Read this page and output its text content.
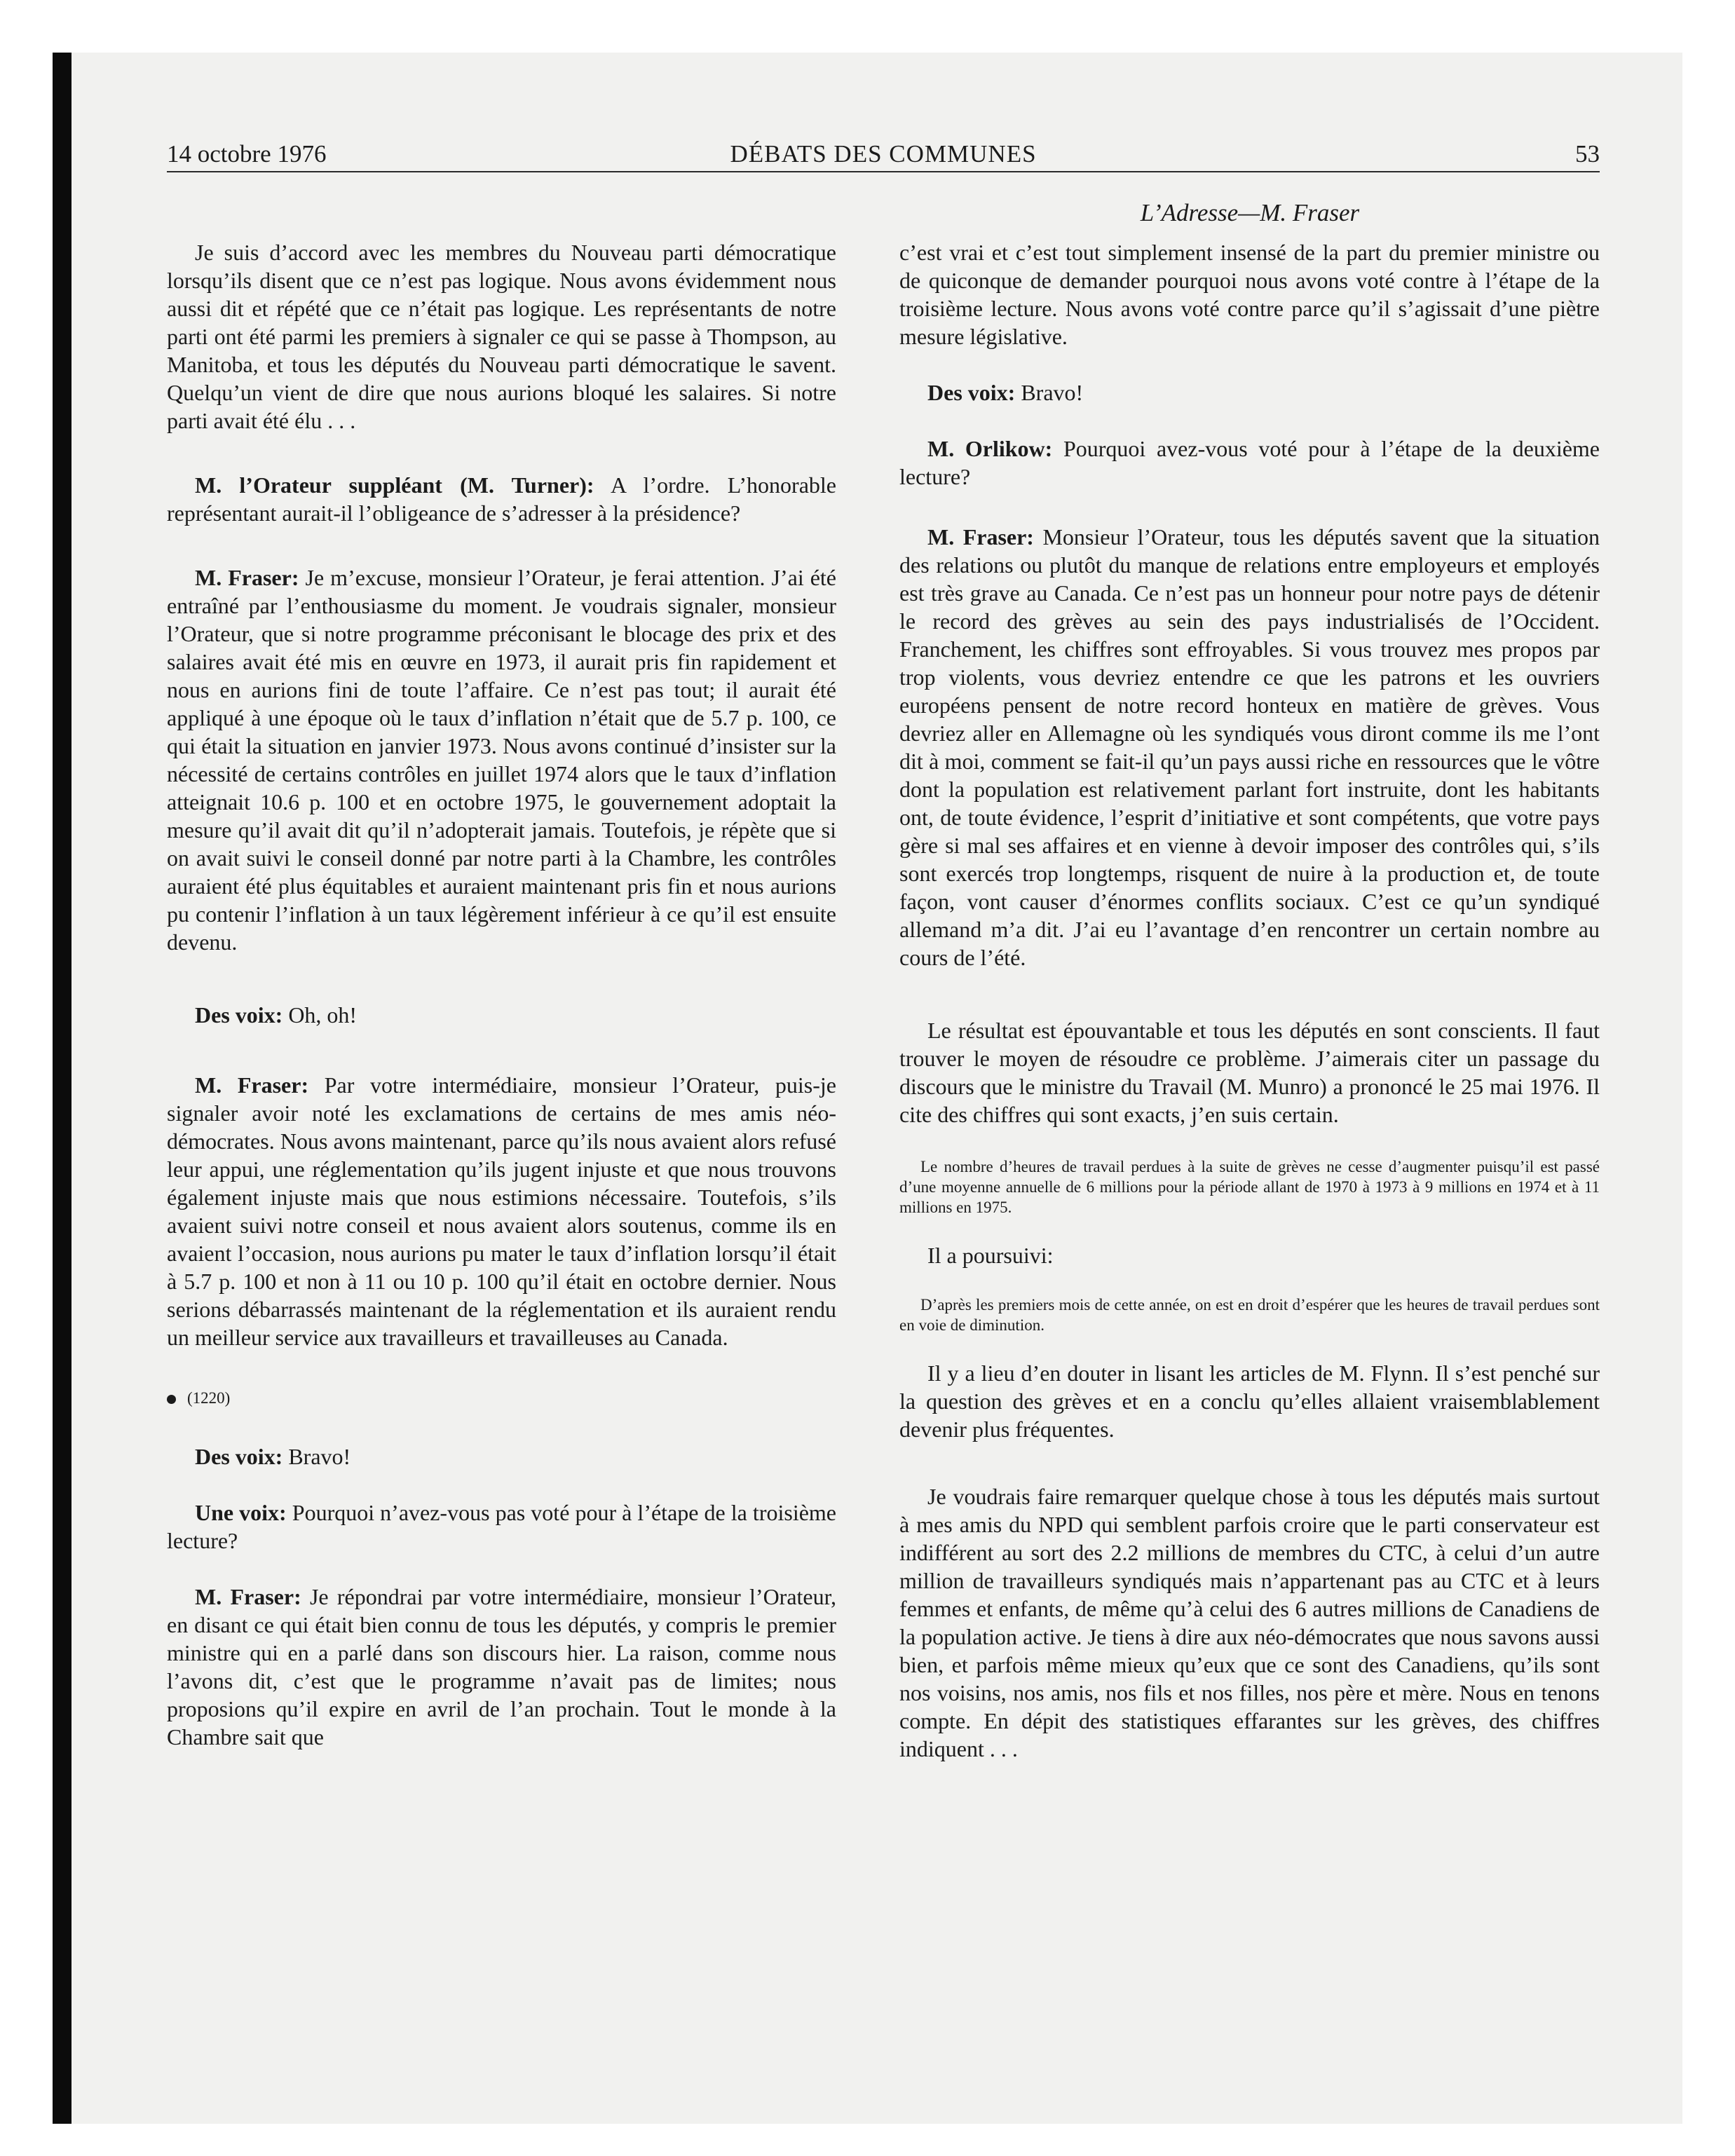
14 octobre 1976	DÉBATS DES COMMUNES	53
L’Adresse—M. Fraser

Je suis d’accord avec les membres du Nouveau parti démocratique lorsqu’ils disent que ce n’est pas logique. Nous avons évidemment nous aussi dit et répété que ce n’était pas logique. Les représentants de notre parti ont été parmi les premiers à signaler ce qui se passe à Thompson, au Manitoba, et tous les députés du Nouveau parti démocratique le savent. Quelqu’un vient de dire que nous aurions bloqué les salaires. Si notre parti avait été élu . . .

M. l’Orateur suppléant (M. Turner): A l’ordre. L’honorable représentant aurait-il l’obligeance de s’adresser à la présidence?

M. Fraser: Je m’excuse, monsieur l’Orateur, je ferai attention. J’ai été entraîné par l’enthousiasme du moment. Je voudrais signaler, monsieur l’Orateur, que si notre programme préconisant le blocage des prix et des salaires avait été mis en œuvre en 1973, il aurait pris fin rapidement et nous en aurions fini de toute l’affaire. Ce n’est pas tout; il aurait été appliqué à une époque où le taux d’inflation n’était que de 5.7 p. 100, ce qui était la situation en janvier 1973. Nous avons continué d’insister sur la nécessité de certains contrôles en juillet 1974 alors que le taux d’inflation atteignait 10.6 p. 100 et en octobre 1975, le gouvernement adoptait la mesure qu’il avait dit qu’il n’adopterait jamais. Toutefois, je répète que si on avait suivi le conseil donné par notre parti à la Chambre, les contrôles auraient été plus équitables et auraient maintenant pris fin et nous aurions pu contenir l’inflation à un taux légèrement inférieur à ce qu’il est ensuite devenu.

Des voix: Oh, oh!

M. Fraser: Par votre intermédiaire, monsieur l’Orateur, puis-je signaler avoir noté les exclamations de certains de mes amis néo-démocrates. Nous avons maintenant, parce qu’ils nous avaient alors refusé leur appui, une réglementation qu’ils jugent injuste et que nous trouvons également injuste mais que nous estimions nécessaire. Toutefois, s’ils avaient suivi notre conseil et nous avaient alors soutenus, comme ils en avaient l’occasion, nous aurions pu mater le taux d’inflation lorsqu’il était à 5.7 p. 100 et non à 11 ou 10 p. 100 qu’il était en octobre dernier. Nous serions débarrassés maintenant de la réglementation et ils auraient rendu un meilleur service aux travailleurs et travailleuses au Canada.

(1220)

Des voix: Bravo!

Une voix: Pourquoi n’avez-vous pas voté pour à l’étape de la troisième lecture?

M. Fraser: Je répondrai par votre intermédiaire, monsieur l’Orateur, en disant ce qui était bien connu de tous les députés, y compris le premier ministre qui en a parlé dans son discours hier. La raison, comme nous l’avons dit, c’est que le programme n’avait pas de limites; nous proposions qu’il expire en avril de l’an prochain. Tout le monde à la Chambre sait que

c’est vrai et c’est tout simplement insensé de la part du premier ministre ou de quiconque de demander pourquoi nous avons voté contre à l’étape de la troisième lecture. Nous avons voté contre parce qu’il s’agissait d’une piètre mesure législative.

Des voix: Bravo!

M. Orlikow: Pourquoi avez-vous voté pour à l’étape de la deuxième lecture?

M. Fraser: Monsieur l’Orateur, tous les députés savent que la situation des relations ou plutôt du manque de relations entre employeurs et employés est très grave au Canada. Ce n’est pas un honneur pour notre pays de détenir le record des grèves au sein des pays industrialisés de l’Occident. Franchement, les chiffres sont effroyables. Si vous trouvez mes propos par trop violents, vous devriez entendre ce que les patrons et les ouvriers européens pensent de notre record honteux en matière de grèves. Vous devriez aller en Allemagne où les syndiqués vous diront comme ils me l’ont dit à moi, comment se fait-il qu’un pays aussi riche en ressources que le vôtre dont la population est relativement parlant fort instruite, dont les habitants ont, de toute évidence, l’esprit d’initiative et sont compétents, que votre pays gère si mal ses affaires et en vienne à devoir imposer des contrôles qui, s’ils sont exercés trop longtemps, risquent de nuire à la production et, de toute façon, vont causer d’énormes conflits sociaux. C’est ce qu’un syndiqué allemand m’a dit. J’ai eu l’avantage d’en rencontrer un certain nombre au cours de l’été.

Le résultat est épouvantable et tous les députés en sont conscients. Il faut trouver le moyen de résoudre ce problème. J’aimerais citer un passage du discours que le ministre du Travail (M. Munro) a prononcé le 25 mai 1976. Il cite des chiffres qui sont exacts, j’en suis certain.

Le nombre d’heures de travail perdues à la suite de grèves ne cesse d’augmenter puisqu’il est passé d’une moyenne annuelle de 6 millions pour la période allant de 1970 à 1973 à 9 millions en 1974 et à 11 millions en 1975.

Il a poursuivi:

D’après les premiers mois de cette année, on est en droit d’espérer que les heures de travail perdues sont en voie de diminution.

Il y a lieu d’en douter in lisant les articles de M. Flynn. Il s’est penché sur la question des grèves et en a conclu qu’elles allaient vraisemblablement devenir plus fréquentes.

Je voudrais faire remarquer quelque chose à tous les députés mais surtout à mes amis du NPD qui semblent parfois croire que le parti conservateur est indifférent au sort des 2.2 millions de membres du CTC, à celui d’un autre million de travailleurs syndiqués mais n’appartenant pas au CTC et à leurs femmes et enfants, de même qu’à celui des 6 autres millions de Canadiens de la population active. Je tiens à dire aux néo-démocrates que nous savons aussi bien, et parfois même mieux qu’eux que ce sont des Canadiens, qu’ils sont nos voisins, nos amis, nos fils et nos filles, nos père et mère. Nous en tenons compte. En dépit des statistiques effarantes sur les grèves, des chiffres indiquent . . .
